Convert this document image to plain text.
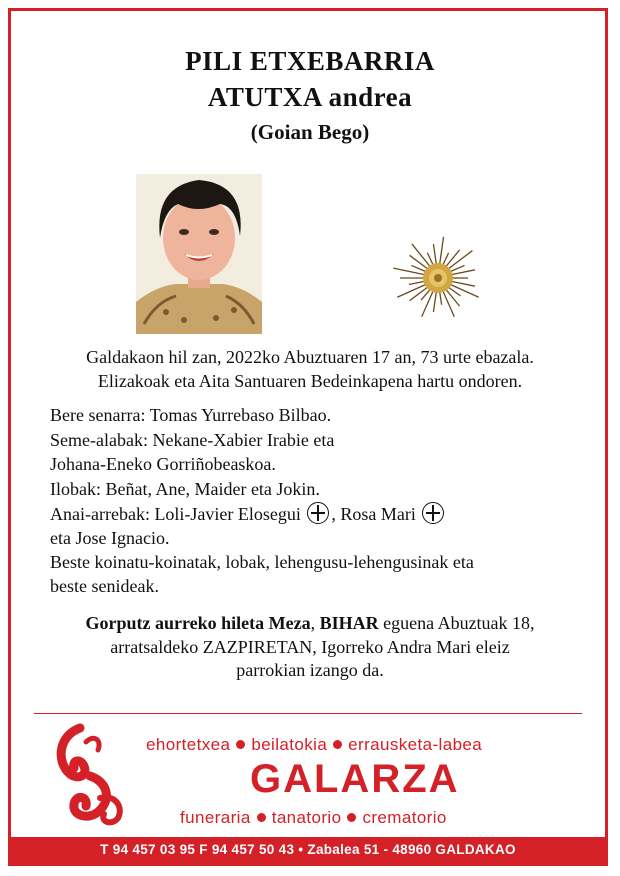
PILI ETXEBARRIA
ATUTXA andrea
(Goian Bego)
Galdakaon hil zan, 2022ko Abuztuaren 17 an, 73 urte ebazala.
Elizakoak eta Aita Santuaren Bedeinkapena hartu ondoren.
Bere senarra: Tomas Yurrebaso Bilbao.
Seme-alabak: Nekane-Xabier Irabie eta
Johana-Eneko Gorriñobeaskoa.
Ilobak: Beñat, Ane, Maider eta Jokin.
Anai-arrebak: Loli-Javier Elosegui , Rosa Mari
eta Jose Ignacio.
Beste koinatu-koinatak, lobak, lehengusu-lehengusinak eta
beste senideak.
Gorputz aurreko hileta Meza, BIHAR eguena Abuztuak 18,
arratsaldeko ZAZPIRETAN, Igorreko Andra Mari eleiz
parrokian izango da.
ehortetxea beilatokia errausketa-labea
GALARZA
funeraria tanatorio crematorio
T 94 457 03 95 F 94 457 50 43 • Zabalea 51 - 48960 GALDAKAO
